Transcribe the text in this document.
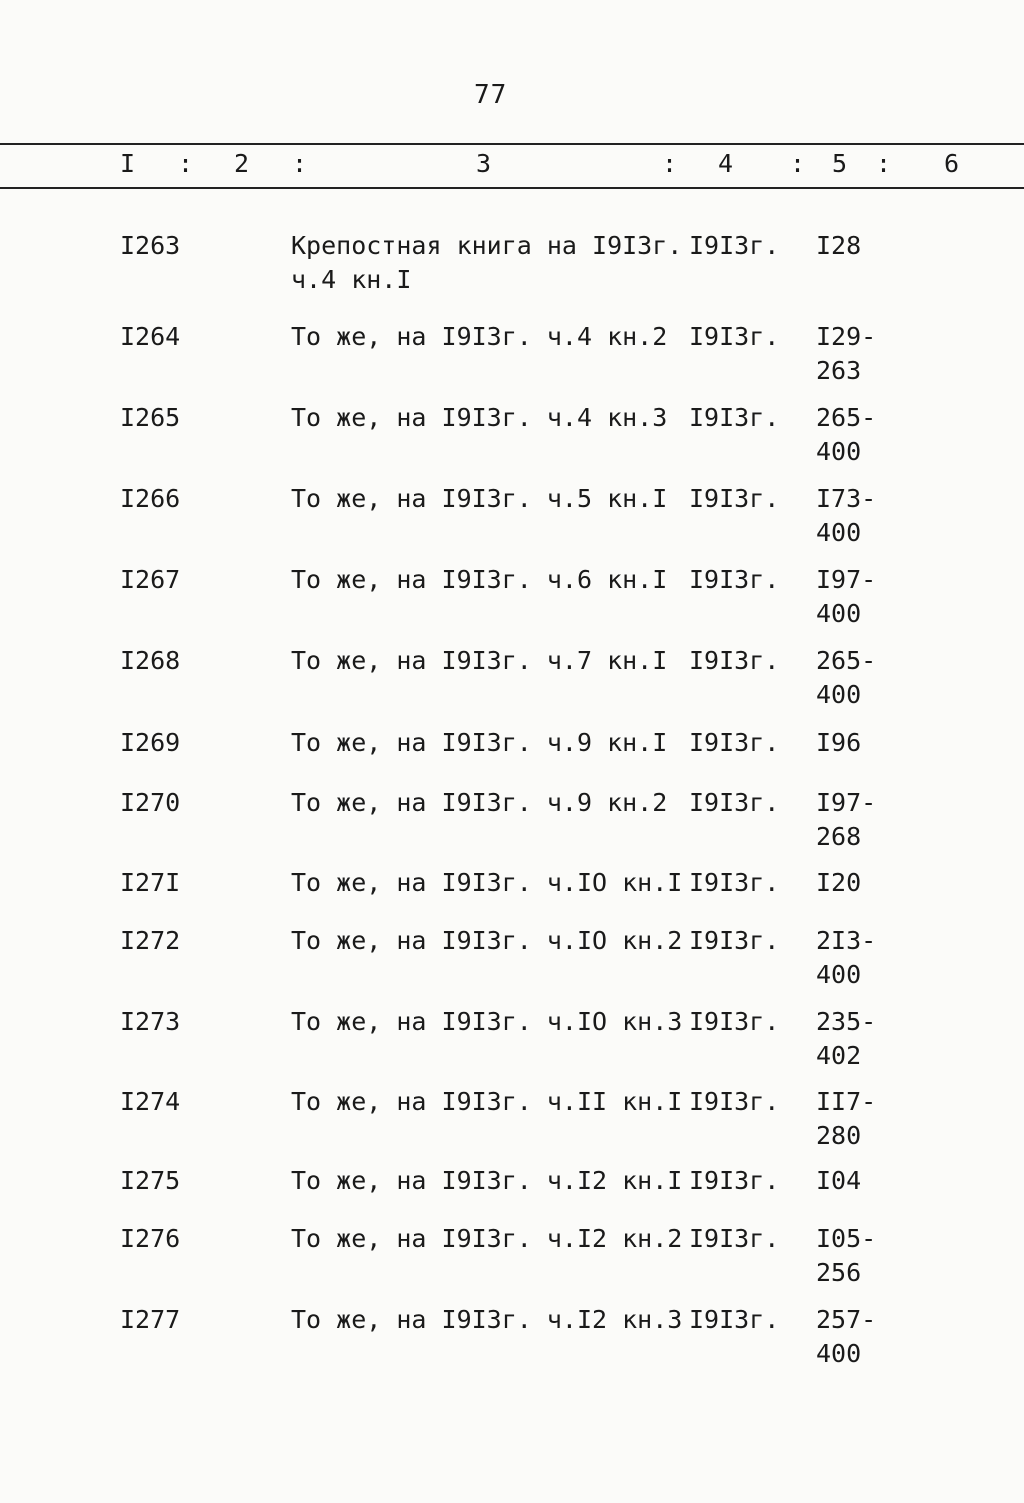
77
I : 2 :	3	: 4 : 5 : 6
I263	Крепостная книга на I9I3г.
ч.4 кн.I
I9I3г. I28
I264	То же, на I9I3г. ч.4 кн.2 I9I3г. I29-
263
I265	То же, на I9I3г. ч.4 кн.3 I9I3г. 265-
400
I266	То же, на I9I3г. ч.5 кн.I I9I3г. I73-
400
I267	То же, на I9I3г. ч.6 кн.I I9I3г. I97-
400
I268	То же, на I9I3г. ч.7 кн.I I9I3г. 265-
400
I269	То же, на I9I3г. ч.9 кн.I I9I3г. I96
I270	То же, на I9I3г. ч.9 кн.2 I9I3г. I97-
268
I27I	То же, на I9I3г. ч.IO кн.I I9I3г. I20
I272	То же, на I9I3г. ч.IO кн.2 I9I3г. 2I3-
400
I273	То же, на I9I3г. ч.IO кн.3 I9I3г. 235-
402
I274	То же, на I9I3г. ч.II кн.I I9I3г. II7-
280
I275	То же, на I9I3г. ч.I2 кн.I I9I3г. I04
I276	То же, на I9I3г. ч.I2 кн.2 I9I3г. I05-
256
I277	То же, на I9I3г. ч.I2 кн.3 I9I3г. 257-
400
